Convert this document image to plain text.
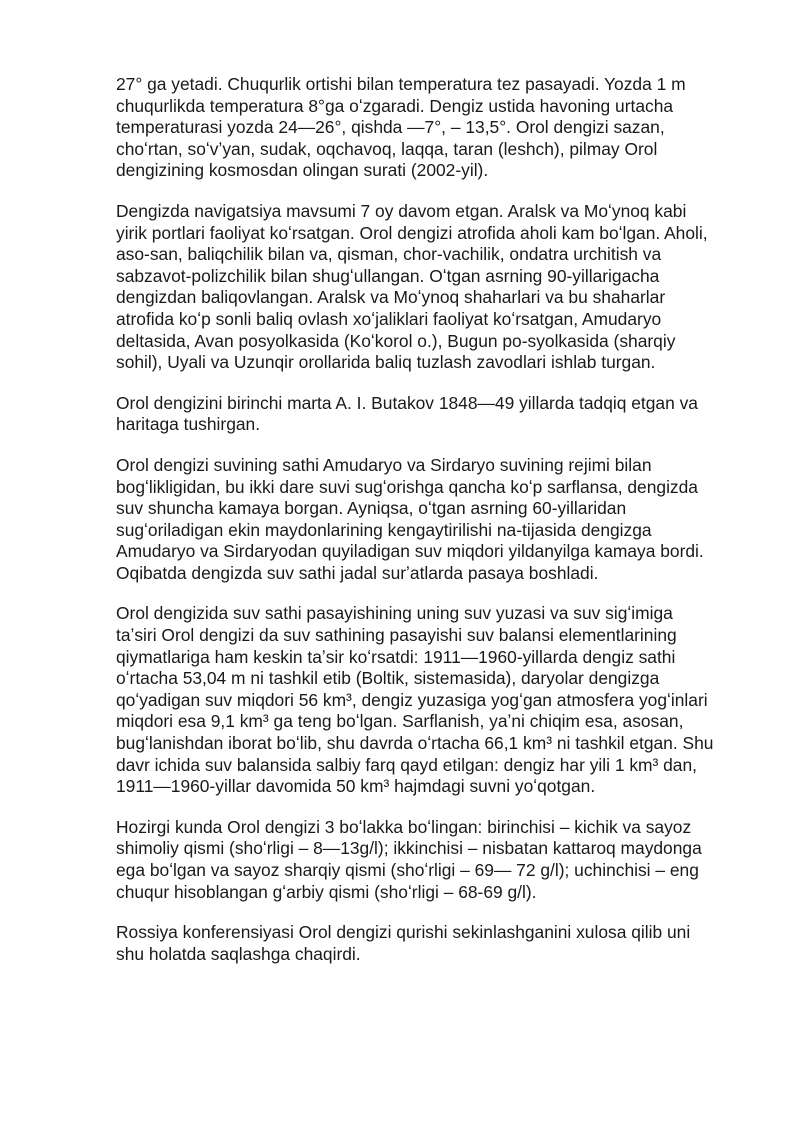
27° ga yetadi. Chuqurlik ortishi bilan temperatura tez pasayadi. Yozda 1 m chuqurlikda temperatura 8°ga oʻzgaradi. Dengiz ustida havoning urtacha temperaturasi yozda 24—26°, qishda —7°, – 13,5°. Orol dengizi sazan, choʻrtan, soʻvʼyan, sudak, oqchavoq, laqqa, taran (leshch), pilmay Orol dengizining kosmosdan olingan surati (2002-yil).

Dengizda navigatsiya mavsumi 7 oy davom etgan. Aralsk va Moʻynoq kabi yirik portlari faoliyat koʻrsatgan. Orol dengizi atrofida aholi kam boʻlgan. Aholi, aso-san, baliqchilik bilan va, qisman, chor-vachilik, ondatra urchitish va sabzavot-polizchilik bilan shugʻullangan. Oʻtgan asrning 90-yillarigacha dengizdan baliqovlangan. Aralsk va Moʻynoq shaharlari va bu shaharlar atrofida koʻp sonli baliq ovlash xoʻjaliklari faoliyat koʻrsatgan, Amudaryo deltasida, Avan posyolkasida (Koʻkorol o.), Bugun po-syolkasida (sharqiy sohil), Uyali va Uzunqir orollarida baliq tuzlash zavodlari ishlab turgan.

Orol dengizini birinchi marta A. I. Butakov 1848—49 yillarda tadqiq etgan va haritaga tushirgan.

Orol dengizi suvining sathi Amudaryo va Sirdaryo suvining rejimi bilan bogʻlikligidan, bu ikki dare suvi sugʻorishga qancha koʻp sarflansa, dengizda suv shuncha kamaya borgan. Ayniqsa, oʻtgan asrning 60-yillaridan sugʻoriladigan ekin maydonlarining kengaytirilishi na-tijasida dengizga Amudaryo va Sirdaryodan quyiladigan suv miqdori yildanyilga kamaya bordi. Oqibatda dengizda suv sathi jadal surʼatlarda pasaya boshladi.

Orol dengizida suv sathi pasayishining uning suv yuzasi va suv sigʻimiga taʼsiri Orol dengizi da suv sathining pasayishi suv balansi elementlarining qiymatlariga ham keskin taʼsir koʻrsatdi: 1911—1960-yillarda dengiz sathi oʻrtacha 53,04 m ni tashkil etib (Boltik, sistemasida), daryolar dengizga qoʻyadigan suv miqdori 56 km³, dengiz yuzasiga yogʻgan atmosfera yogʻinlari miqdori esa 9,1 km³ ga teng boʻlgan. Sarflanish, yaʼni chiqim esa, asosan, bugʻlanishdan iborat boʻlib, shu davrda oʻrtacha 66,1 km³ ni tashkil etgan. Shu davr ichida suv balansida salbiy farq qayd etilgan: dengiz har yili 1 km³ dan, 1911—1960-yillar davomida 50 km³ hajmdagi suvni yoʻqotgan.

Hozirgi kunda Orol dengizi 3 boʻlakka boʻlingan: birinchisi – kichik va sayoz shimoliy qismi (shoʻrligi – 8—13g/l); ikkinchisi – nisbatan kattaroq maydonga ega boʻlgan va sayoz sharqiy qismi (shoʻrligi – 69— 72 g/l); uchinchisi – eng chuqur hisoblangan gʻarbiy qismi (shoʻrligi – 68-69 g/l).

Rossiya konferensiyasi Orol dengizi qurishi sekinlashganini xulosa qilib uni shu holatda saqlashga chaqirdi.
